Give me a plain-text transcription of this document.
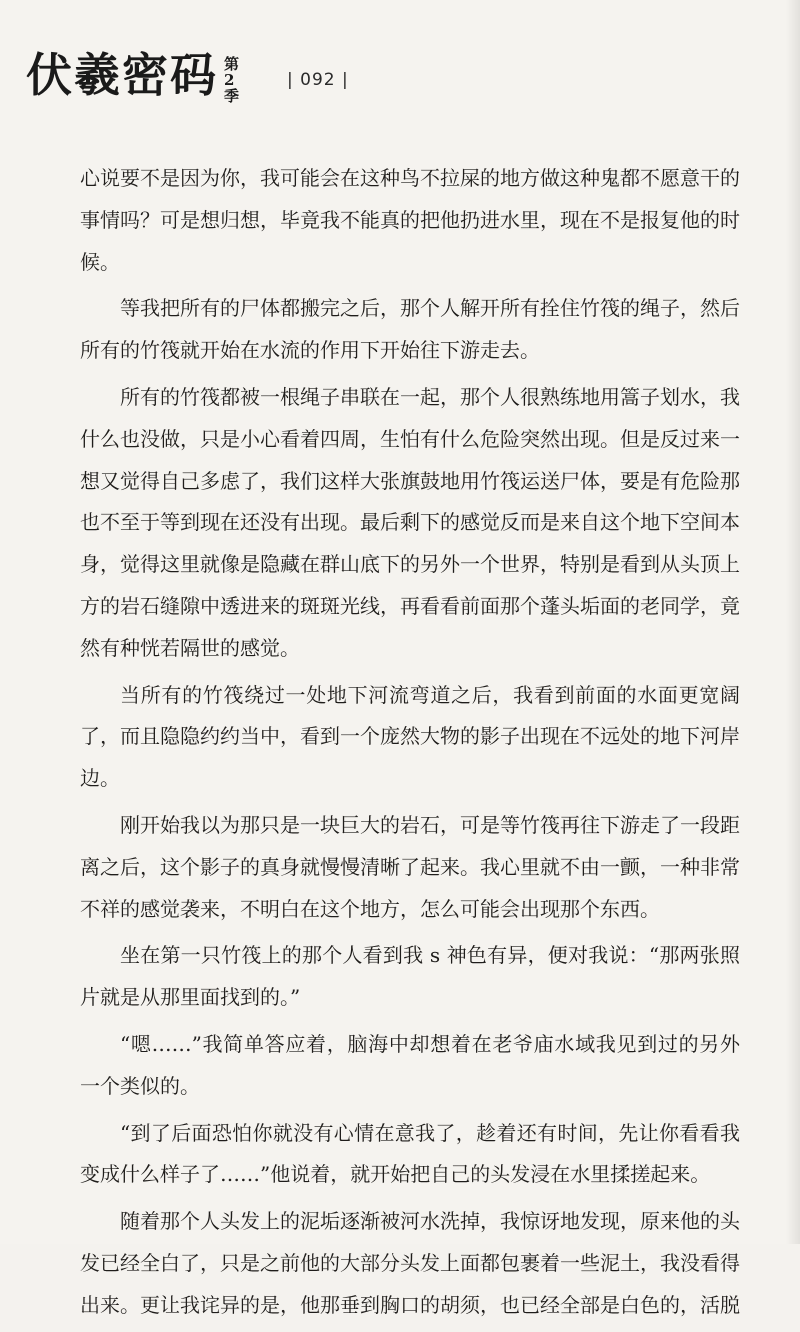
伏羲密码 第
2
季
| 092 |

心说要不是因为你，我可能会在这种鸟不拉屎的地方做这种鬼都不愿意干的事情吗？可是想归想，毕竟我不能真的把他扔进水里，现在不是报复他的时候。

等我把所有的尸体都搬完之后，那个人解开所有拴住竹筏的绳子，然后所有的竹筏就开始在水流的作用下开始往下游走去。

所有的竹筏都被一根绳子串联在一起，那个人很熟练地用篙子划水，我什么也没做，只是小心看着四周，生怕有什么危险突然出现。但是反过来一想又觉得自己多虑了，我们这样大张旗鼓地用竹筏运送尸体，要是有危险那也不至于等到现在还没有出现。最后剩下的感觉反而是来自这个地下空间本身，觉得这里就像是隐藏在群山底下的另外一个世界，特别是看到从头顶上方的岩石缝隙中透进来的斑斑光线，再看看前面那个蓬头垢面的老同学，竟然有种恍若隔世的感觉。

当所有的竹筏绕过一处地下河流弯道之后，我看到前面的水面更宽阔了，而且隐隐约约当中，看到一个庞然大物的影子出现在不远处的地下河岸边。

刚开始我以为那只是一块巨大的岩石，可是等竹筏再往下游走了一段距离之后，这个影子的真身就慢慢清晰了起来。我心里就不由一颤，一种非常不祥的感觉袭来，不明白在这个地方，怎么可能会出现那个东西。

坐在第一只竹筏上的那个人看到我 s 神色有异，便对我说：“那两张照片就是从那里面找到的。”

“嗯……”我简单答应着，脑海中却想着在老爷庙水域我见到过的另外一个类似的。

“到了后面恐怕你就没有心情在意我了，趁着还有时间，先让你看看我变成什么样子了……”他说着，就开始把自己的头发浸在水里揉搓起来。

随着那个人头发上的泥垢逐渐被河水洗掉，我惊讶地发现，原来他的头发已经全白了，只是之前他的大部分头发上面都包裹着一些泥土，我没看得出来。更让我诧异的是，他那垂到胸口的胡须，也已经全部是白色的，活脱
